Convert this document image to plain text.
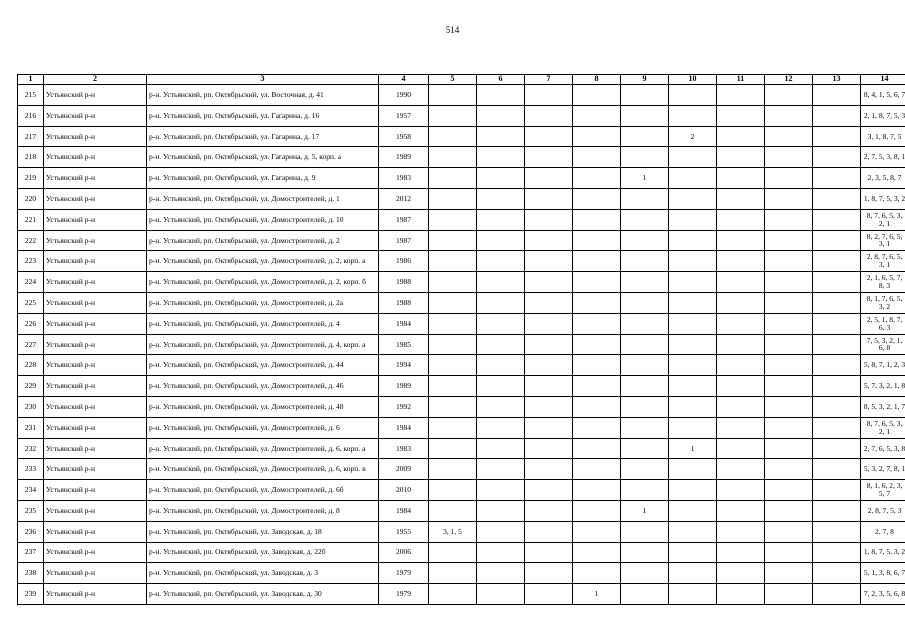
514
1	2	3	4	5	6	7	8	9	10	11	12	13	14
215	Устьянский р-н	р-н. Устьянский, рп. Октябрьский, ул. Восточная, д. 41	1990										8, 4, 1, 5, 6, 7
216	Устьянский р-н	р-н. Устьянский, рп. Октябрьский, ул. Гагарина, д. 16	1957										2, 1, 8, 7, 5, 3
217	Устьянский р-н	р-н. Устьянский, рп. Октябрьский, ул. Гагарина, д. 17	1958						2				3, 1, 8, 7, 5
218	Устьянский р-н	р-н. Устьянский, рп. Октябрьский, ул. Гагарина, д. 5, корп. а	1989										2, 7, 5, 3, 8, 1
219	Устьянский р-н	р-н. Устьянский, рп. Октябрьский, ул. Гагарина, д. 9	1983					1					2, 3, 5, 8, 7
220	Устьянский р-н	р-н. Устьянский, рп. Октябрьский, ул. Домостроителей, д. 1	2012										1, 8, 7, 5, 3, 2
221	Устьянский р-н	р-н. Устьянский, рп. Октябрьский, ул. Домостроителей, д. 10	1987										8, 7, 6, 5, 3, 2, 1
222	Устьянский р-н	р-н. Устьянский, рп. Октябрьский, ул. Домостроителей, д. 2	1987										8, 2, 7, 6, 5, 3, 1
223	Устьянский р-н	р-н. Устьянский, рп. Октябрьский, ул. Домостроителей, д. 2, корп. а	1986										2, 8, 7, 6, 5, 3, 1
224	Устьянский р-н	р-н. Устьянский, рп. Октябрьский, ул. Домостроителей, д. 2, корп. б	1988										2, 1, 6, 5, 7, 8, 3
225	Устьянский р-н	р-н. Устьянский, рп. Октябрьский, ул. Домостроителей, д. 2а	1988										8, 1, 7, 6, 5, 3, 2
226	Устьянский р-н	р-н. Устьянский, рп. Октябрьский, ул. Домостроителей, д. 4	1984										2, 5, 1, 8, 7, 6, 3
227	Устьянский р-н	р-н. Устьянский, рп. Октябрьский, ул. Домостроителей, д. 4, корп. а	1985										7, 5, 3, 2, 1, 6, 8
228	Устьянский р-н	р-н. Устьянский, рп. Октябрьский, ул. Домостроителей, д. 44	1994										5, 8, 7, 1, 2, 3
229	Устьянский р-н	р-н. Устьянский, рп. Октябрьский, ул. Домостроителей, д. 46	1989										5, 7, 3, 2, 1, 8
230	Устьянский р-н	р-н. Устьянский, рп. Октябрьский, ул. Домостроителей, д. 48	1992										8, 5, 3, 2, 1, 7
231	Устьянский р-н	р-н. Устьянский, рп. Октябрьский, ул. Домостроителей, д. 6	1984										8, 7, 6, 5, 3, 2, 1
232	Устьянский р-н	р-н. Устьянский, рп. Октябрьский, ул. Домостроителей, д. 6, корп. а	1983						1				2, 7, 6, 5, 3, 8
233	Устьянский р-н	р-н. Устьянский, рп. Октябрьский, ул. Домостроителей, д. 6, корп. в	2009										5, 3, 2, 7, 8, 1
234	Устьянский р-н	р-н. Устьянский, рп. Октябрьский, ул. Домостроителей, д. 6б	2010										8, 1, 6, 2, 3, 5, 7
235	Устьянский р-н	р-н. Устьянский, рп. Октябрьский, ул. Домостроителей, д. 8	1984					1					2, 8, 7, 5, 3
236	Устьянский р-н	р-н. Устьянский, рп. Октябрьский, ул. Заводская, д. 18	1955	3, 1, 5									2, 7, 8
237	Устьянский р-н	р-н. Устьянский, рп. Октябрьский, ул. Заводская, д. 22б	2006										1, 8, 7, 5, 3, 2
238	Устьянский р-н	р-н. Устьянский, рп. Октябрьский, ул. Заводская, д. 3	1979										5, 1, 3, 8, 6, 7
239	Устьянский р-н	р-н. Устьянский, рп. Октябрьский, ул. Заводская, д. 30	1979				1						7, 2, 3, 5, 6, 8
